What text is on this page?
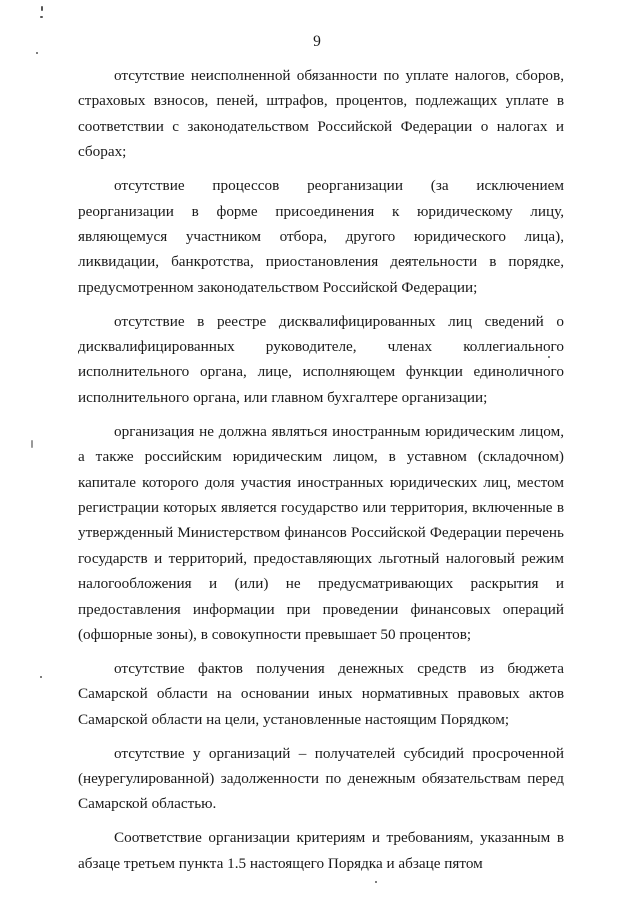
9

отсутствие неисполненной обязанности по уплате налогов, сборов, страховых взносов, пеней, штрафов, процентов, подлежащих уплате в соответствии с законодательством Российской Федерации о налогах и сборах;

отсутствие процессов реорганизации (за исключением реорганизации в форме присоединения к юридическому лицу, являющемуся участником отбора, другого юридического лица), ликвидации, банкротства, приостановления деятельности в порядке, предусмотренном законодательством Российской Федерации;

отсутствие в реестре дисквалифицированных лиц сведений о дисквалифицированных руководителе, членах коллегиального исполнительного органа, лице, исполняющем функции единоличного исполнительного органа, или главном бухгалтере организации;

организация не должна являться иностранным юридическим лицом, а также российским юридическим лицом, в уставном (складочном) капитале которого доля участия иностранных юридических лиц, местом регистрации которых является государство или территория, включенные в утвержденный Министерством финансов Российской Федерации перечень государств и территорий, предоставляющих льготный налоговый режим налогообложения и (или) не предусматривающих раскрытия и предоставления информации при проведении финансовых операций (офшорные зоны), в совокупности превышает 50 процентов;

отсутствие фактов получения денежных средств из бюджета Самарской области на основании иных нормативных правовых актов Самарской области на цели, установленные настоящим Порядком;

отсутствие у организаций – получателей субсидий просроченной (неурегулированной) задолженности по денежным обязательствам перед Самарской областью.

Соответствие организации критериям и требованиям, указанным в абзаце третьем пункта 1.5 настоящего Порядка и абзаце пятом
